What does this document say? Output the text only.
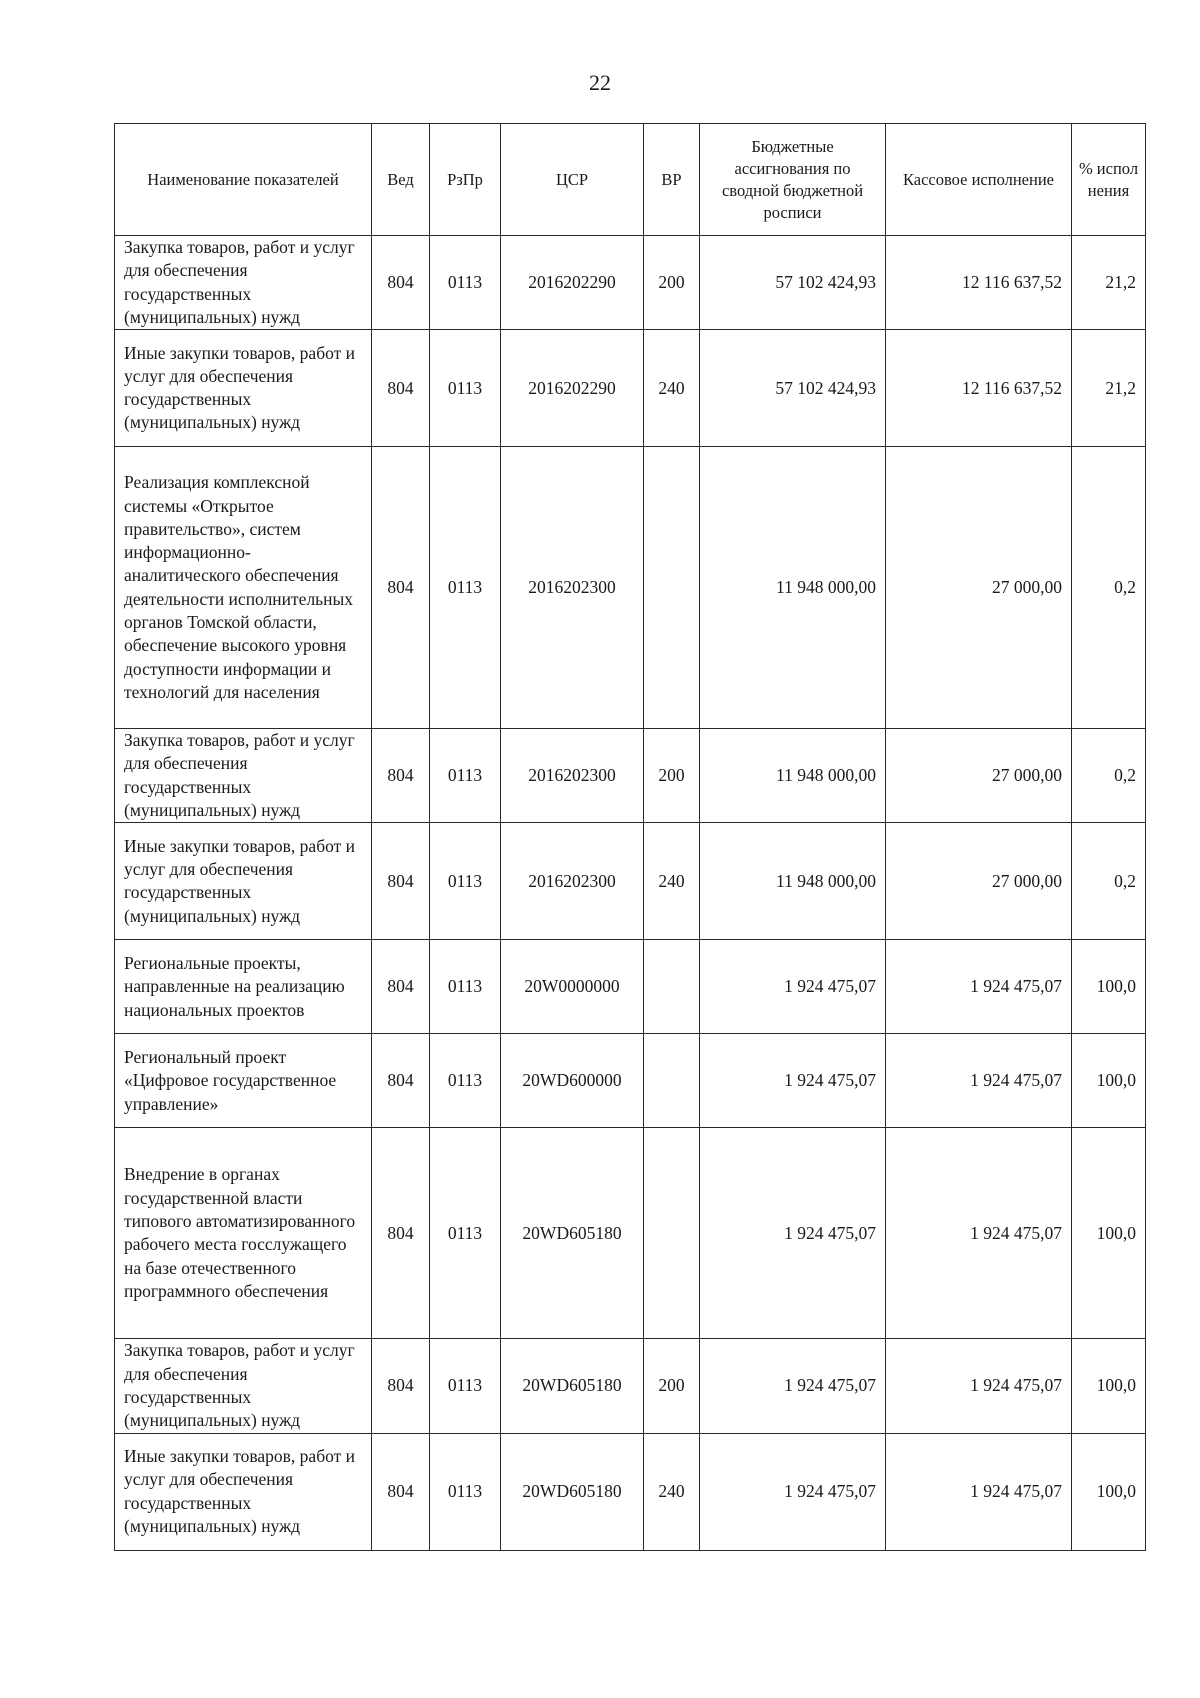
22
Наименование показателей	Вед	РзПр	ЦСР	ВР	Бюджетные ассигнования по сводной бюджетной росписи	Кассовое исполнение	% испол нения
Закупка товаров, работ и услуг для обеспечения государственных (муниципальных) нужд	804	0113	2016202290	200	57 102 424,93	12 116 637,52	21,2
Иные закупки товаров, работ и услуг для обеспечения государственных (муниципальных) нужд	804	0113	2016202290	240	57 102 424,93	12 116 637,52	21,2
Реализация комплексной системы «Открытое правительство», систем информационно-аналитического обеспечения деятельности исполнительных органов Томской области, обеспечение высокого уровня доступности информации и технологий для населения	804	0113	2016202300		11 948 000,00	27 000,00	0,2
Закупка товаров, работ и услуг для обеспечения государственных (муниципальных) нужд	804	0113	2016202300	200	11 948 000,00	27 000,00	0,2
Иные закупки товаров, работ и услуг для обеспечения государственных (муниципальных) нужд	804	0113	2016202300	240	11 948 000,00	27 000,00	0,2
Региональные проекты, направленные на реализацию национальных проектов	804	0113	20W0000000		1 924 475,07	1 924 475,07	100,0
Региональный проект «Цифровое государственное управление»	804	0113	20WD600000		1 924 475,07	1 924 475,07	100,0
Внедрение в органах государственной власти типового автоматизированного рабочего места госслужащего на базе отечественного программного обеспечения	804	0113	20WD605180		1 924 475,07	1 924 475,07	100,0
Закупка товаров, работ и услуг для обеспечения государственных (муниципальных) нужд	804	0113	20WD605180	200	1 924 475,07	1 924 475,07	100,0
Иные закупки товаров, работ и услуг для обеспечения государственных (муниципальных) нужд	804	0113	20WD605180	240	1 924 475,07	1 924 475,07	100,0
